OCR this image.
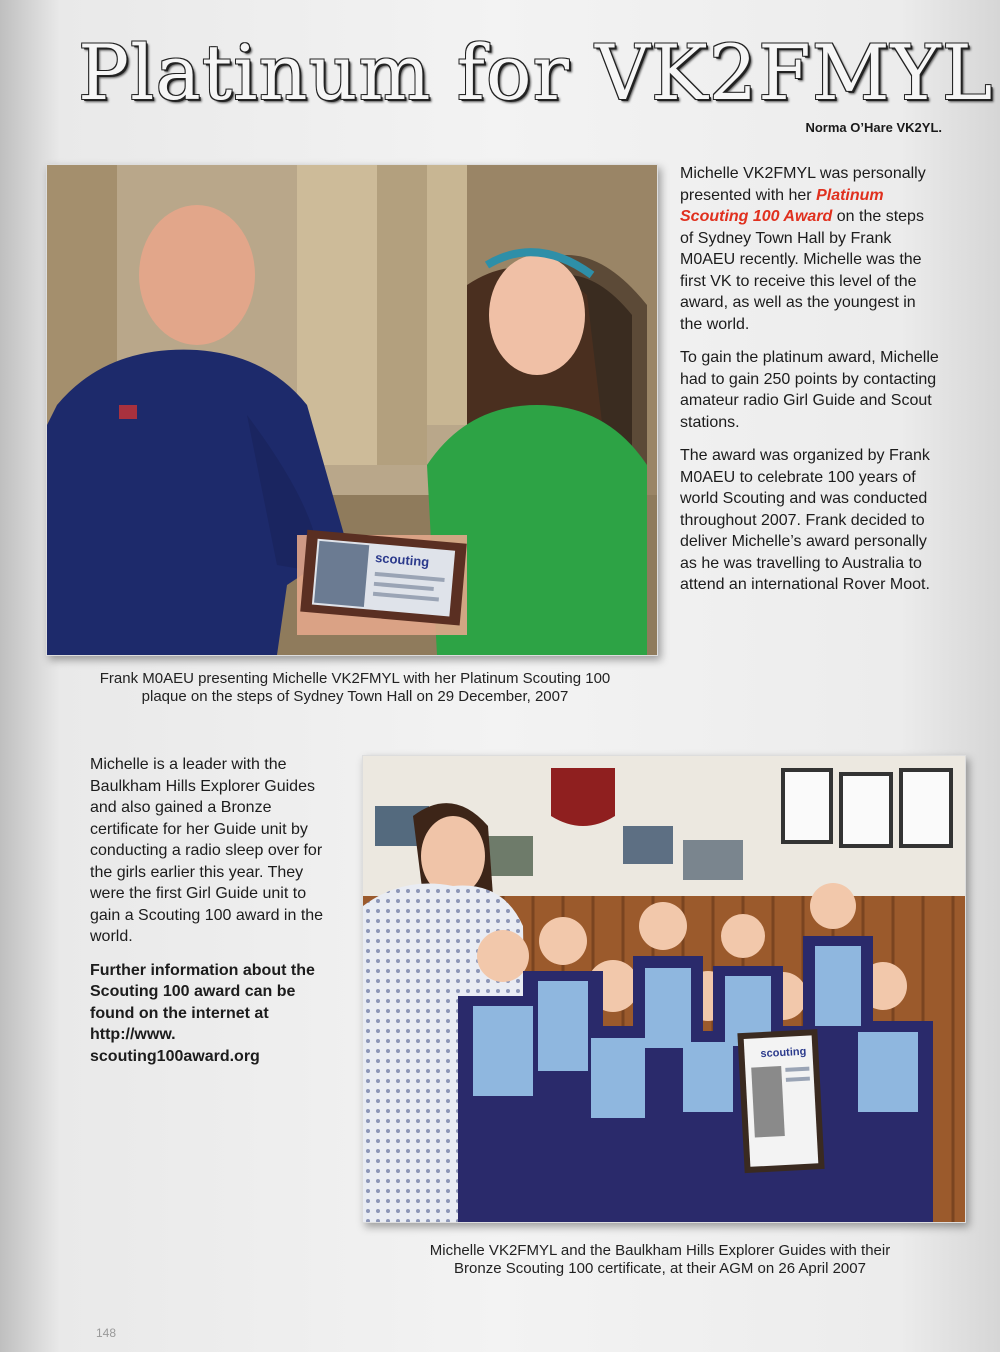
Platinum for VK2FMYL
Norma O’Hare VK2YL.
scouting
Frank M0AEU presenting Michelle VK2FMYL with her Platinum Scouting 100
plaque on the steps of Sydney Town Hall on 29 December, 2007

Michelle VK2FMYL was personally presented with her Platinum Scouting 100 Award on the steps of Sydney Town Hall by Frank M0AEU recently. Michelle was the first VK to receive this level of the award, as well as the youngest in the world.

To gain the platinum award, Michelle had to gain 250 points by contacting amateur radio Girl Guide and Scout stations.

The award was organized by Frank M0AEU to celebrate 100 years of world Scouting and was conducted throughout 2007. Frank decided to deliver Michelle’s award personally as he was travelling to Australia to attend an international Rover Moot.

Michelle is a leader with the Baulkham Hills Explorer Guides and also gained a Bronze certificate for her Guide unit by conducting a radio sleep over for the girls earlier this year. They were the first Girl Guide unit to gain a Scouting 100 award in the world.

Further information about the Scouting 100 award can be found on the internet at http://www. scouting100award.org	scouting
Michelle VK2FMYL and the Baulkham Hills Explorer Guides with their
Bronze Scouting 100 certificate, at their AGM on 26 April 2007
148
